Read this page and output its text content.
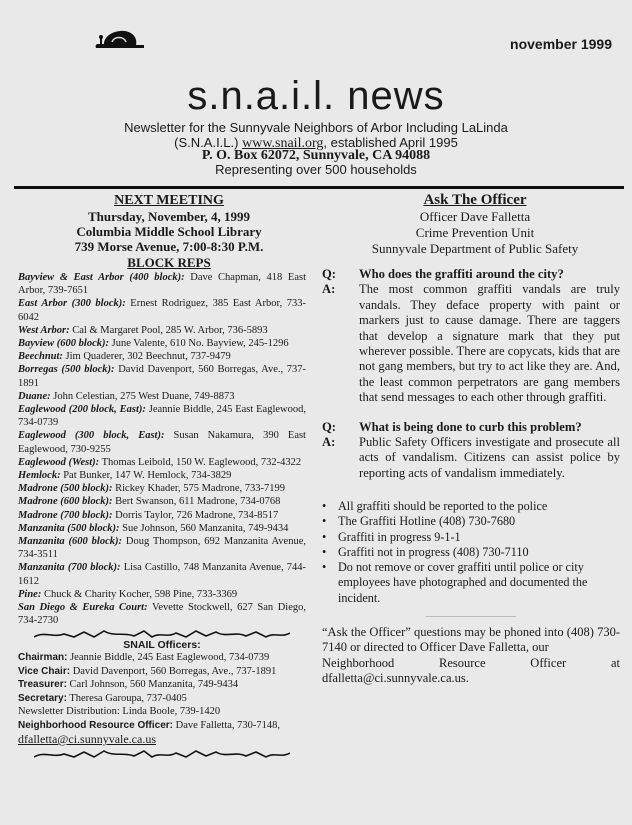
november 1999
s.n.a.i.l. news
Newsletter for the Sunnyvale Neighbors of Arbor Including LaLinda
(S.N.A.I.L.) www.snail.org, established April 1995
P. O. Box 62072, Sunnyvale, CA 94088
Representing over 500 households
NEXT MEETING
Thursday, November, 4, 1999
Columbia Middle School Library
739 Morse Avenue, 7:00-8:30 P.M.
BLOCK REPS

Bayview & East Arbor (400 block): Dave Chapman, 418 East Arbor, 739-7651

East Arbor (300 block): Ernest Rodriguez, 385 East Arbor, 733-6042

West Arbor: Cal & Margaret Pool, 285 W. Arbor, 736-5893

Bayview (600 block): June Valente, 610 No. Bayview, 245-1296

Beechnut: Jim Quaderer, 302 Beechnut, 737-9479

Borregas (500 block): David Davenport, 560 Borregas, Ave., 737-1891

Duane: John Celestian, 275 West Duane, 749-8873

Eaglewood (200 block, East): Jeannie Biddle, 245 East Eaglewood, 734-0739

Eaglewood (300 block, East): Susan Nakamura, 390 East Eaglewood, 730-9255

Eaglewood (West): Thomas Leibold, 150 W. Eaglewood, 732-4322

Hemlock: Pat Bunker, 147 W. Hemlock, 734-3829

Madrone (500 block): Rickey Khader, 575 Madrone, 733-7199

Madrone (600 block): Bert Swanson, 611 Madrone, 734-0768

Madrone (700 block): Dorris Taylor, 726 Madrone, 734-8517

Manzanita (500 block): Sue Johnson, 560 Manzanita, 749-9434

Manzanita (600 block): Doug Thompson, 692 Manzanita Avenue, 734-3511

Manzanita (700 block): Lisa Castillo, 748 Manzanita Avenue, 744-1612

Pine: Chuck & Charity Kocher, 598 Pine, 733-3369

San Diego & Eureka Court: Vevette Stockwell, 627 San Diego, 734-2730

SNAIL Officers:
Chairman: Jeannie Biddle, 245 East Eaglewood, 734-0739
Vice Chair: David Davenport, 560 Borregas, Ave., 737-1891
Treasurer: Carl Johnson, 560 Manzanita, 749-9434
Secretary: Theresa Garoupa, 737-0405
Newsletter Distribution: Linda Boole, 739-1420
Neighborhood Resource Officer: Dave Falletta, 730-7148,
dfalletta@ci.sunnyvale.ca.us
Ask The Officer
Officer Dave Falletta
Crime Prevention Unit
Sunnyvale Department of Public Safety
Q:	Who does the graffiti around the city?
A:	The most common graffiti vandals are truly vandals. They deface property with paint or markers just to cause damage. There are taggers that develop a signature mark that they put wherever possible. There are copycats, kids that are not gang members, but try to act like they are. And, the least common perpetrators are gang members that send messages to each other through graffiti.
Q:	What is being done to curb this problem?
A:	Public Safety Officers investigate and prosecute all acts of vandalism. Citizens can assist police by reporting acts of vandalism immediately.
• All graffiti should be reported to the police
• The Graffiti Hotline (408) 730-7680
• Graffiti in progress 9-1-1
• Graffiti not in progress (408) 730-7110
• Do not remove or cover graffiti until police or city employees have photographed and documented the incident.
“Ask the Officer” questions may be phoned into (408) 730-7140 or directed to Officer Dave Falletta, our
Neighborhood	Resource	Officer	at
dfalletta@ci.sunnyvale.ca.us.
